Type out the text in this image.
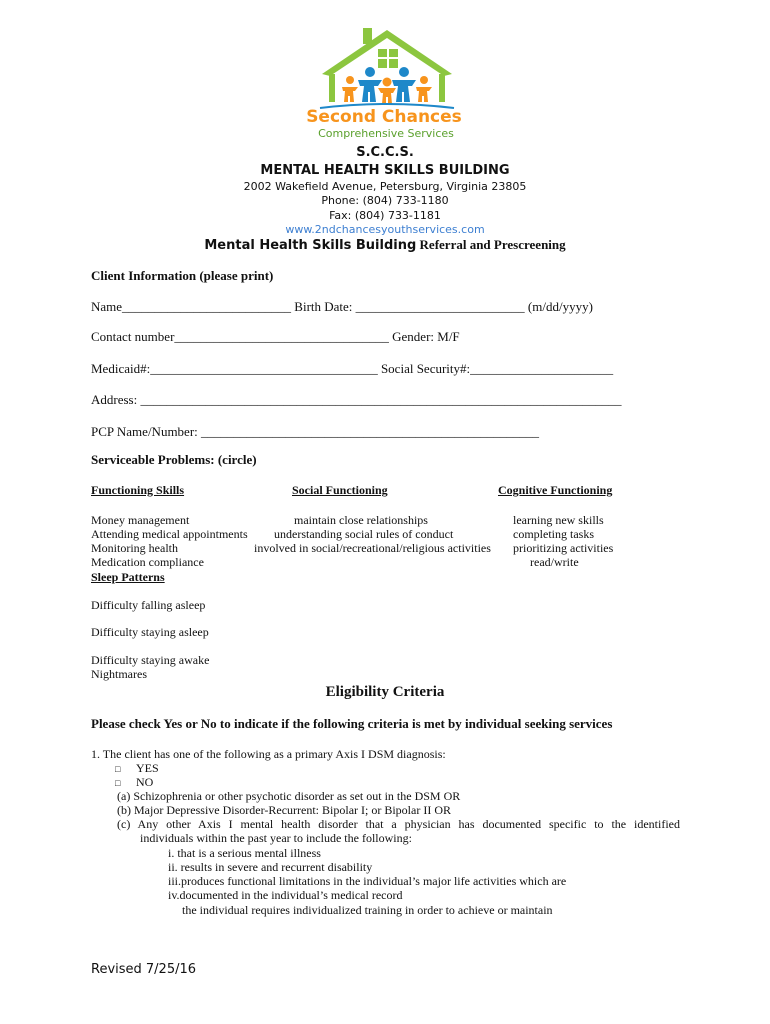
Second Chances
Comprehensive Services
S.C.C.S.
MENTAL HEALTH SKILLS BUILDING
2002 Wakefield Avenue, Petersburg, Virginia 23805
Phone: (804) 733-1180
Fax: (804) 733-1181
www.2ndchancesyouthservices.com
Mental Health Skills Building Referral and Prescreening
Client Information (please print)
Name__________________________ Birth Date: __________________________ (m/dd/yyyy)
Contact number_________________________________ Gender: M/F
Medicaid#:___________________________________ Social Security#:______________________
Address: __________________________________________________________________________
PCP Name/Number: ____________________________________________________
Serviceable Problems: (circle)
Functioning Skills	Social Functioning	Cognitive Functioning
Money management
Attending medical appointments
Monitoring health
Medication compliance
maintain close relationships
understanding social rules of conduct
involved in social/recreational/religious activities
learning new skills
completing tasks
prioritizing activities
read/write
Sleep Patterns
Difficulty falling asleep
Difficulty staying asleep
Difficulty staying awake
Nightmares
Eligibility Criteria
Please check Yes or No to indicate if the following criteria is met by individual seeking services
1. The client has one of the following as a primary Axis I DSM diagnosis:
□ YES
□ NO
(a) Schizophrenia or other psychotic disorder as set out in the DSM OR
(b) Major Depressive Disorder-Recurrent: Bipolar I; or Bipolar II OR
(c) Any other Axis I mental health disorder that a physician has documented specific to the identified
individuals within the past year to include the following:
i. that is a serious mental illness
ii. results in severe and recurrent disability
iii.produces functional limitations in the individual’s major life activities which are
iv.documented in the individual’s medical record
the individual requires individualized training in order to achieve or maintain
Revised 7/25/16
